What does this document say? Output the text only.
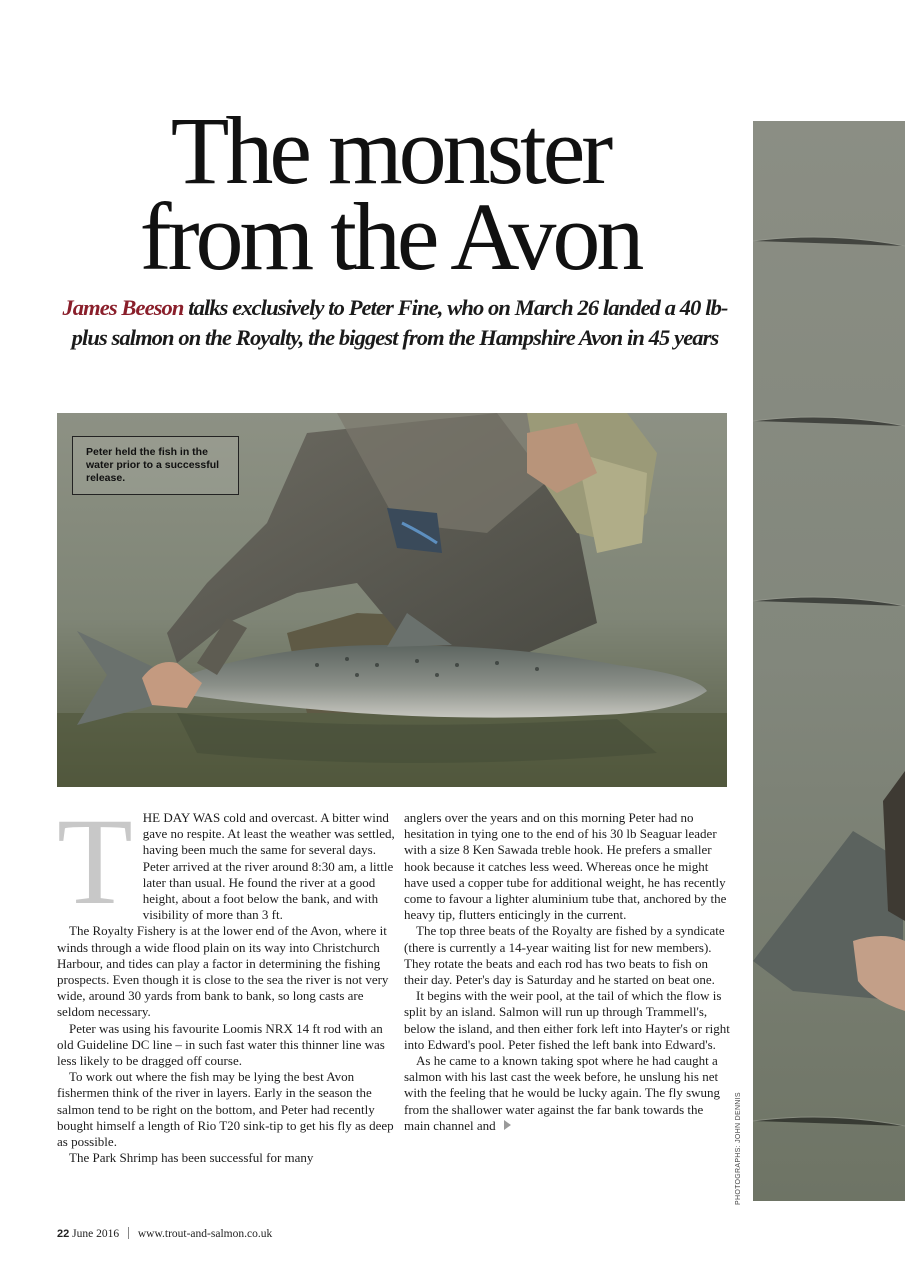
The monster
from the Avon
James Beeson talks exclusively to Peter Fine, who on March 26 landed a 40 lb-plus salmon on the Royalty, the biggest from the Hampshire Avon in 45 years
Peter held the fish in the water prior to a successful release.
T HE DAY WAS cold and overcast. A bitter wind gave no respite. At least the weather was settled, having been much the same for several days. Peter arrived at the river around 8:30 am, a little later than usual. He found the river at a good height, about a foot below the bank, and with visibility of more than 3 ft.

The Royalty Fishery is at the lower end of the Avon, where it winds through a wide flood plain on its way into Christchurch Harbour, and tides can play a factor in determining the fishing prospects. Even though it is close to the sea the river is not very wide, around 30 yards from bank to bank, so long casts are seldom necessary.

Peter was using his favourite Loomis NRX 14 ft rod with an old Guideline DC line – in such fast water this thinner line was less likely to be dragged off course.

To work out where the fish may be lying the best Avon fishermen think of the river in layers. Early in the season the salmon tend to be right on the bottom, and Peter had recently bought himself a length of Rio T20 sink-tip to get his fly as deep as possible.

The Park Shrimp has been successful for many

anglers over the years and on this morning Peter had no hesitation in tying one to the end of his 30 lb Seaguar leader with a size 8 Ken Sawada treble hook. He prefers a smaller hook because it catches less weed. Whereas once he might have used a copper tube for additional weight, he has recently come to favour a lighter aluminium tube that, anchored by the heavy tip, flutters enticingly in the current.

The top three beats of the Royalty are fished by a syndicate (there is currently a 14-year waiting list for new members). They rotate the beats and each rod has two beats to fish on their day. Peter's day is Saturday and he started on beat one.

It begins with the weir pool, at the tail of which the flow is split by an island. Salmon will run up through Trammell's, below the island, and then either fork left into Hayter's or right into Edward's pool. Peter fished the left bank into Edward's.

As he came to a known taking spot where he had caught a salmon with his last cast the week before, he unslung his net with the feeling that he would be lucky again. The fly swung from the shallower water against the far bank towards the main channel and	PHOTOGRAPHS: JOHN DENNIS
22 June 2016 www.trout-and-salmon.co.uk
